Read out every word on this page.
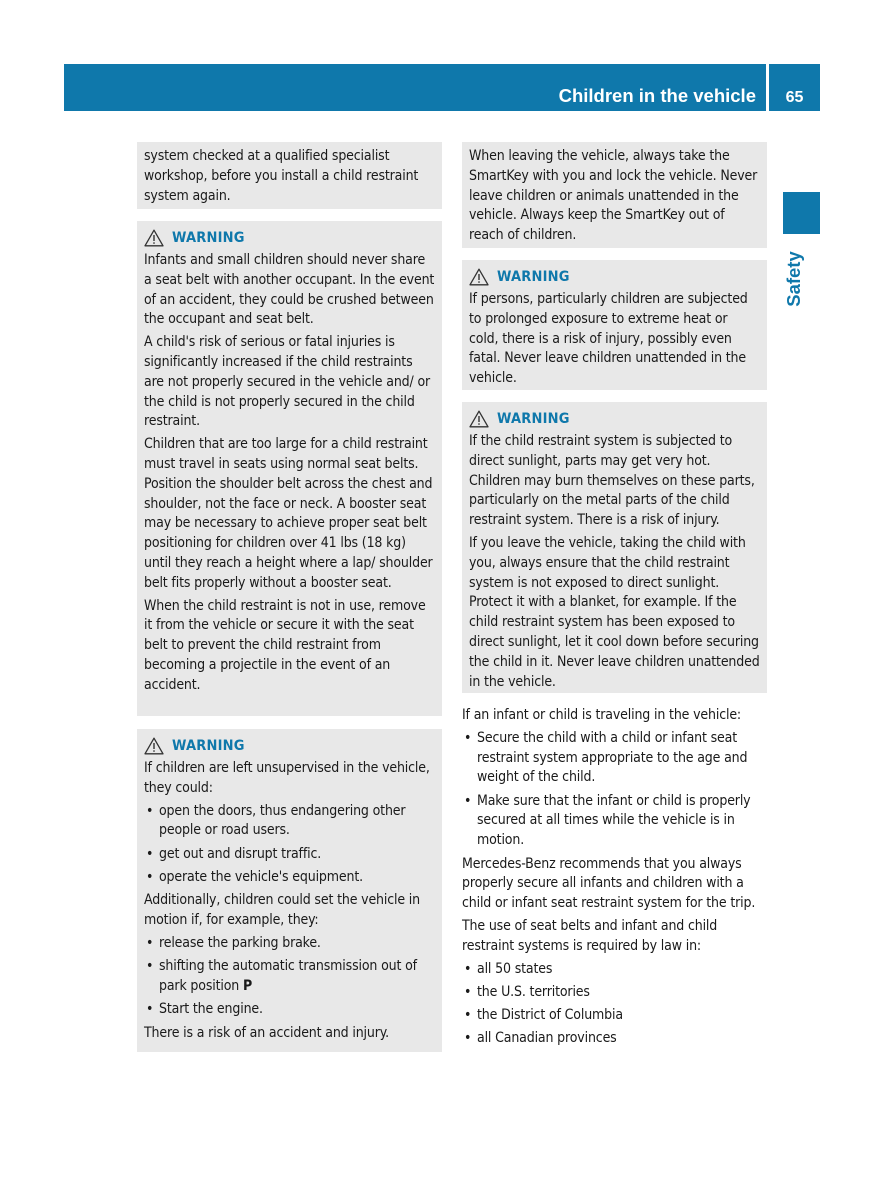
Children in the vehicle	65
Safety

system checked at a qualified specialist workshop, before you install a child restraint system again.

WARNING

Infants and small children should never share a seat belt with another occupant. In the event of an accident, they could be crushed between the occupant and seat belt.

A child's risk of serious or fatal injuries is significantly increased if the child restraints are not properly secured in the vehicle and/ or the child is not properly secured in the child restraint.

Children that are too large for a child restraint must travel in seats using normal seat belts. Position the shoulder belt across the chest and shoulder, not the face or neck. A booster seat may be necessary to achieve proper seat belt positioning for children over 41 lbs (18 kg) until they reach a height where a lap/ shoulder belt fits properly without a booster seat.

When the child restraint is not in use, remove it from the vehicle or secure it with the seat belt to prevent the child restraint from becoming a projectile in the event of an accident.

WARNING

If children are left unsupervised in the vehicle, they could:

• open the doors, thus endangering other people or road users.
• get out and disrupt traffic.
• operate the vehicle's equipment.

Additionally, children could set the vehicle in motion if, for example, they:

• release the parking brake.
• shifting the automatic transmission out of park position P
• Start the engine.

There is a risk of an accident and injury.

When leaving the vehicle, always take the SmartKey with you and lock the vehicle. Never leave children or animals unattended in the vehicle. Always keep the SmartKey out of reach of children.

WARNING

If persons, particularly children are subjected to prolonged exposure to extreme heat or cold, there is a risk of injury, possibly even fatal. Never leave children unattended in the vehicle.

WARNING

If the child restraint system is subjected to direct sunlight, parts may get very hot. Children may burn themselves on these parts, particularly on the metal parts of the child restraint system. There is a risk of injury.

If you leave the vehicle, taking the child with you, always ensure that the child restraint system is not exposed to direct sunlight. Protect it with a blanket, for example. If the child restraint system has been exposed to direct sunlight, let it cool down before securing the child in it. Never leave children unattended in the vehicle.

If an infant or child is traveling in the vehicle:

• Secure the child with a child or infant seat restraint system appropriate to the age and weight of the child.
• Make sure that the infant or child is properly secured at all times while the vehicle is in motion.

Mercedes-Benz recommends that you always properly secure all infants and children with a child or infant seat restraint system for the trip.

The use of seat belts and infant and child restraint systems is required by law in:

• all 50 states
• the U.S. territories
• the District of Columbia
• all Canadian provinces
